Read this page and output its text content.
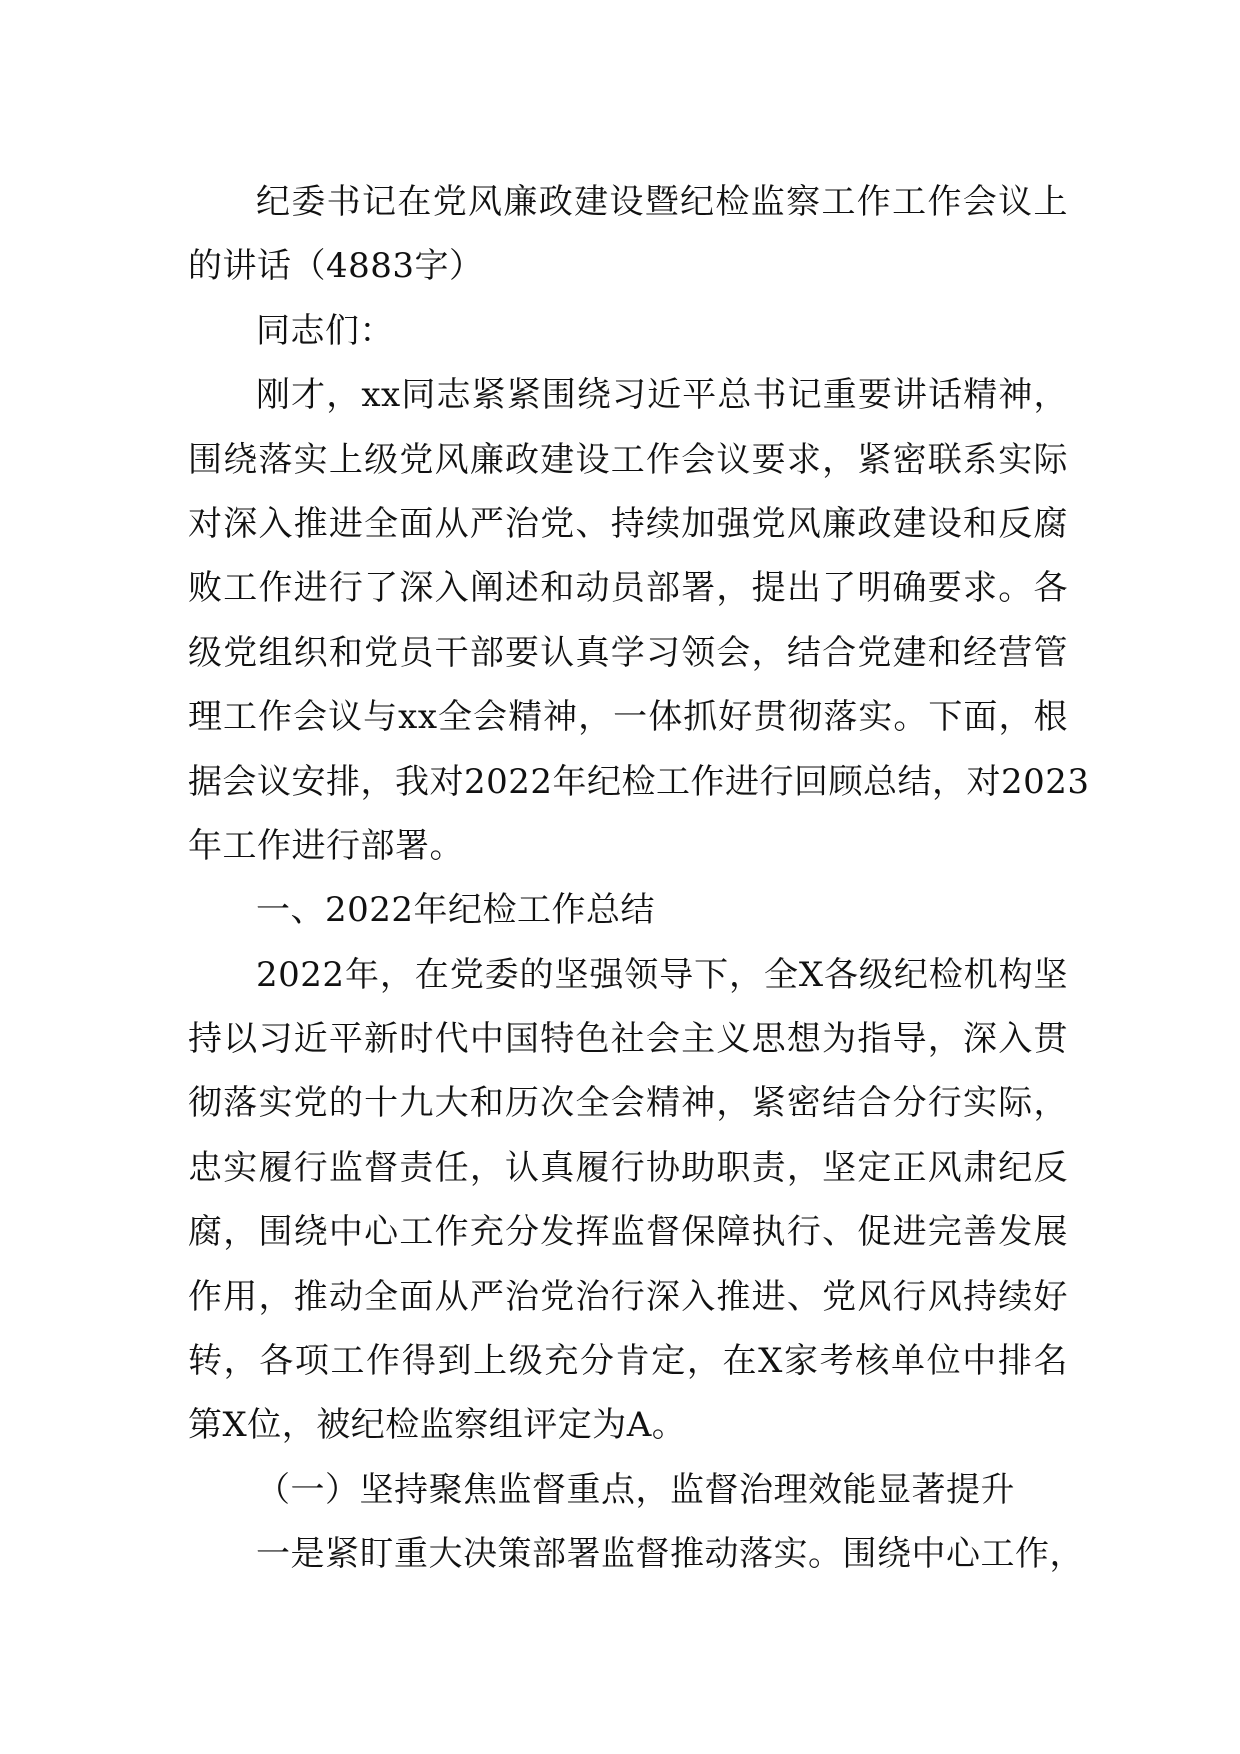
纪委书记在党风廉政建设暨纪检监察工作工作会议上
的讲话（4883字）
同志们：
刚才，xx同志紧紧围绕习近平总书记重要讲话精神，
围绕落实上级党风廉政建设工作会议要求，紧密联系实际
对深入推进全面从严治党、持续加强党风廉政建设和反腐
败工作进行了深入阐述和动员部署，提出了明确要求。各
级党组织和党员干部要认真学习领会，结合党建和经营管
理工作会议与xx全会精神，一体抓好贯彻落实。下面，根
据会议安排，我对2022年纪检工作进行回顾总结，对2023
年工作进行部署。
一、2022年纪检工作总结
2022年，在党委的坚强领导下，全X各级纪检机构坚
持以习近平新时代中国特色社会主义思想为指导，深入贯
彻落实党的十九大和历次全会精神，紧密结合分行实际，
忠实履行监督责任，认真履行协助职责，坚定正风肃纪反
腐，围绕中心工作充分发挥监督保障执行、促进完善发展
作用，推动全面从严治党治行深入推进、党风行风持续好
转，各项工作得到上级充分肯定，在X家考核单位中排名
第X位，被纪检监察组评定为A。
（一）坚持聚焦监督重点，监督治理效能显著提升
一是紧盯重大决策部署监督推动落实。围绕中心工作，
